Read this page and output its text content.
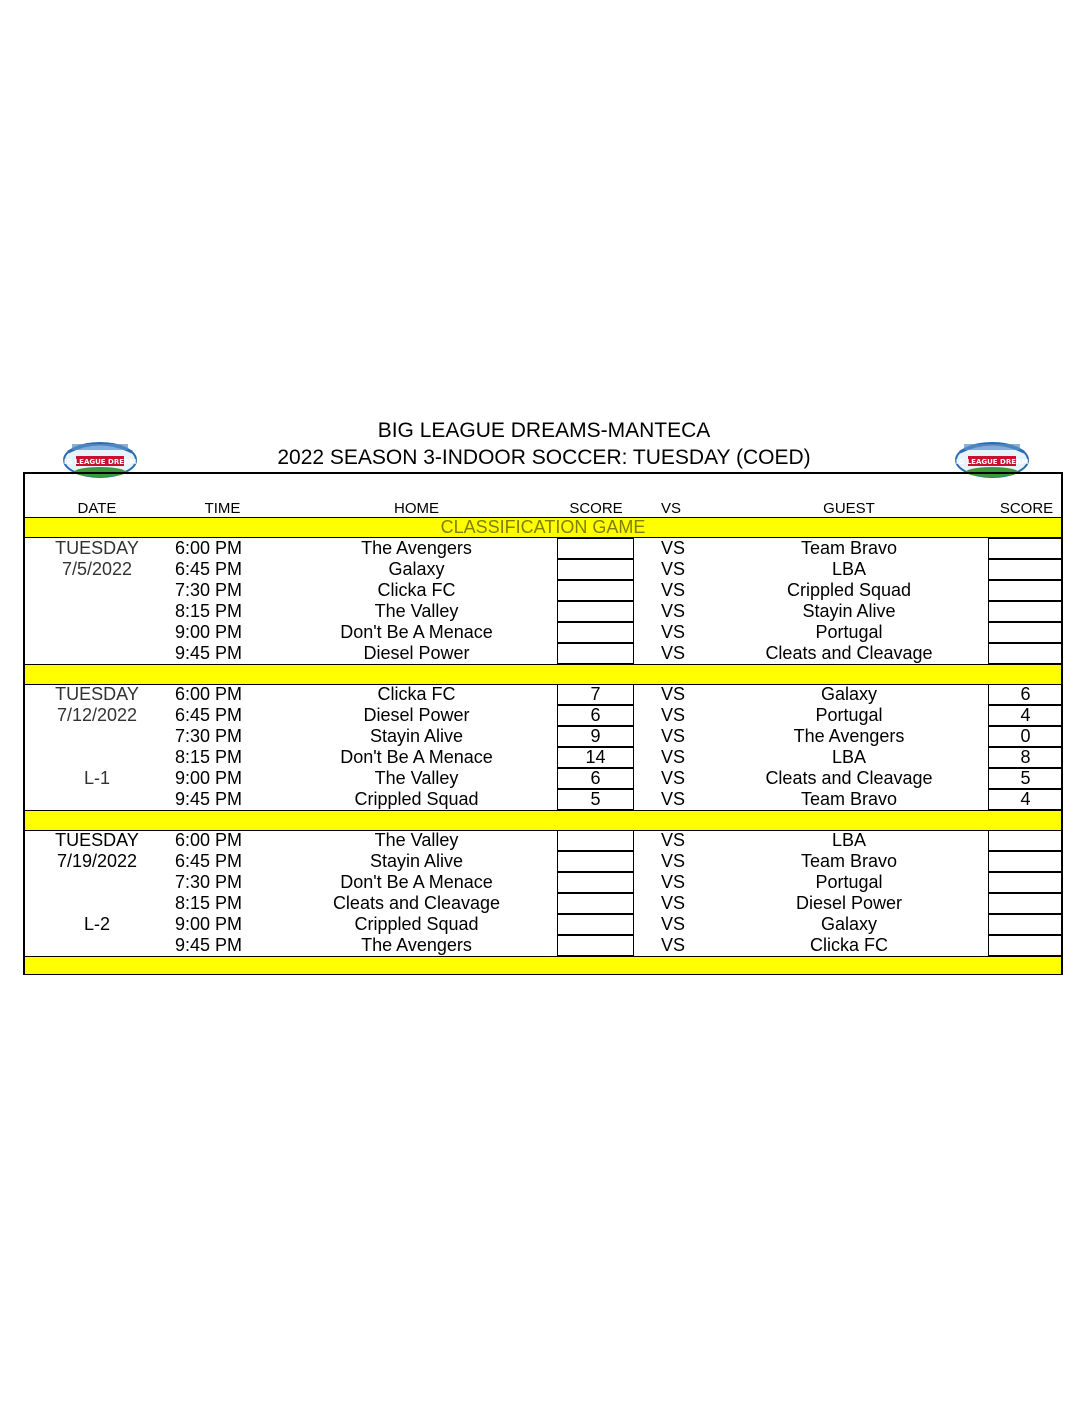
BIG LEAGUE DREAMS-MANTECA
2022 SEASON 3-INDOOR SOCCER: TUESDAY (COED)
BIG LEAGUE DREAMS	BIG LEAGUE DREAMS
DATE	TIME	HOME	SCORE	VS	GUEST	SCORE
CLASSIFICATION GAME
TUESDAY	6:00 PM	The Avengers	VS	Team Bravo
7/5/2022	6:45 PM	Galaxy	VS	LBA
7:30 PM	Clicka FC	VS	Crippled Squad
8:15 PM	The Valley	VS	Stayin Alive
9:00 PM	Don't Be A Menace	VS	Portugal
9:45 PM	Diesel Power	VS	Cleats and Cleavage
TUESDAY	6:00 PM	Clicka FC	7	VS	Galaxy	6
7/12/2022	6:45 PM	Diesel Power	6	VS	Portugal	4
7:30 PM	Stayin Alive	9	VS	The Avengers	0
8:15 PM	Don't Be A Menace	14	VS	LBA	8
L-1	9:00 PM	The Valley	6	VS	Cleats and Cleavage	5
9:45 PM	Crippled Squad	5	VS	Team Bravo	4
TUESDAY	6:00 PM	The Valley	VS	LBA
7/19/2022	6:45 PM	Stayin Alive	VS	Team Bravo
7:30 PM	Don't Be A Menace	VS	Portugal
8:15 PM	Cleats and Cleavage	VS	Diesel Power
L-2	9:00 PM	Crippled Squad	VS	Galaxy
9:45 PM	The Avengers	VS	Clicka FC
